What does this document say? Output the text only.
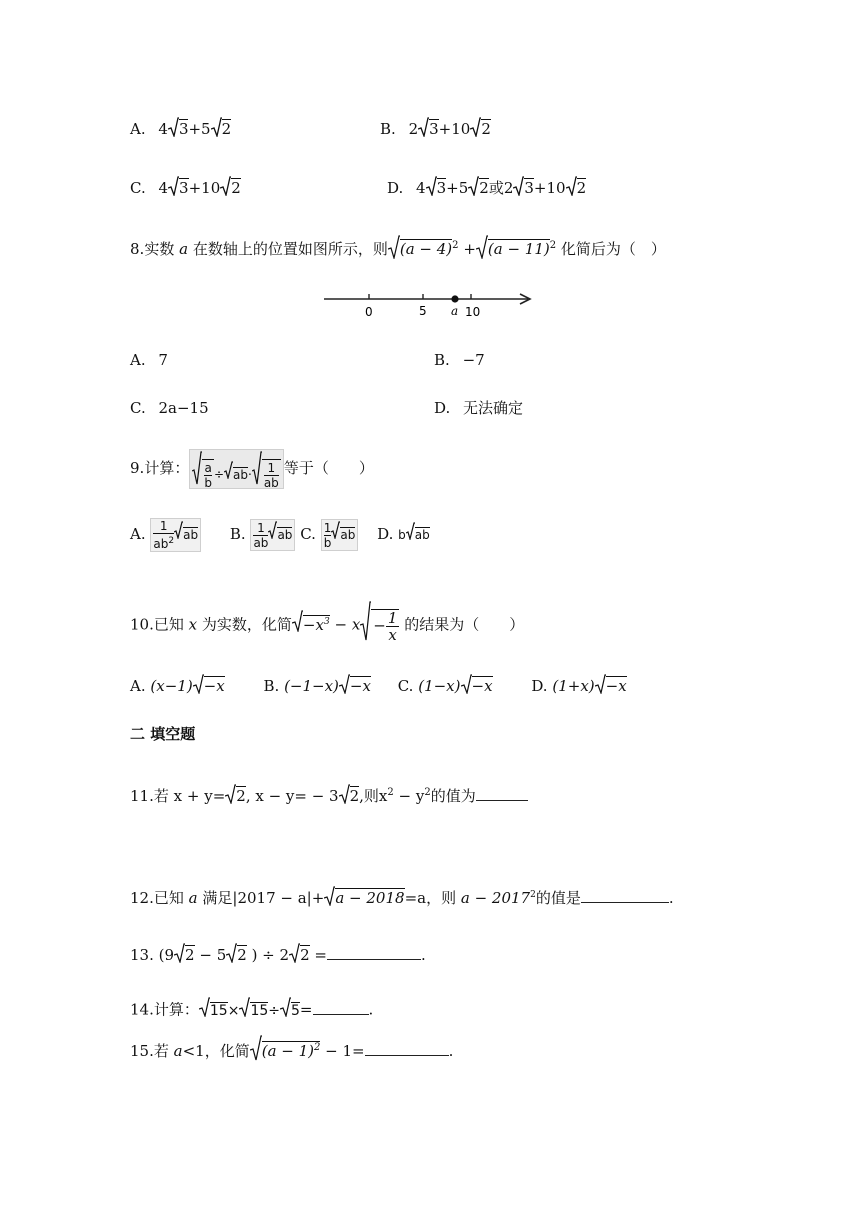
A. 4 3+5 2	B. 2 3+10 2
C. 4 3+10 2	D. 4 3+5 2或2 3+10 2
8.实数 a 在数轴上的位置如图所示，则 $(a - 4)^2 + (a - 11)^2$ 化简后为（　）
0	5	10
a
A. 7	B. −7
C. 2a−15	D. 无法确定
9.计算： $\frac{a}{b} \div ab\cdot \frac{1}{ab}$ 等于（　　）
A. $\frac{1}{ab^2}$ ab B. $\frac{1}{ab}$ ab C. $\frac{1}{b}$ ab D. b ab
10.已知 x 为实数，化简 $-x^3 - x - \frac{1}{x}$ 的结果为（　　）
A. (x−1) −x	B. (−1−x) −x C. (1−x) −x	D. (1+x) −x
二 填空题
11.若 x + y= 2, x − y= − 3 2,则$x^2 - y^2$的值为
12.已知 a 满足|2017 − a|+ a − 2018=a，则 $a - 2017^2$的值是	.
13. (9 2 − 5 2 ) ÷ 2 2 =	.
14.计算： 15× 15÷ 5=	.
15.若 a<1，化简 $(a - 1)^2 - 1=$	.
